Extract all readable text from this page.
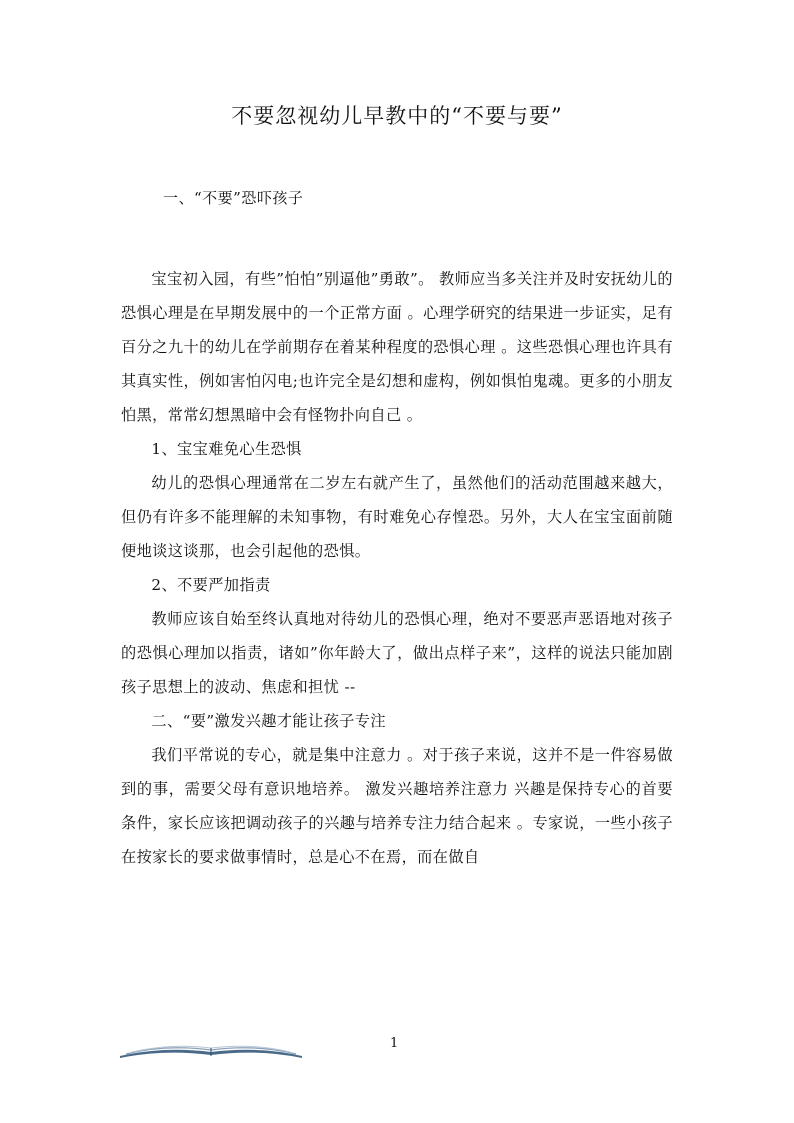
不要忽视幼儿早教中的“不要与要”
一、“不要”恐吓孩子

宝宝初入园，有些”怕怕”别逼他”勇敢”。 教师应当多关注并及时安抚幼儿的恐惧心理是在早期发展中的一个正常方面 。心理学研究的结果进一步证实，足有百分之九十的幼儿在学前期存在着某种程度的恐惧心理 。这些恐惧心理也许具有其真实性，例如害怕闪电;也许完全是幻想和虚构，例如惧怕鬼魂。更多的小朋友怕黑，常常幻想黑暗中会有怪物扑向自己 。

1、宝宝难免心生恐惧

幼儿的恐惧心理通常在二岁左右就产生了，虽然他们的活动范围越来越大，但仍有许多不能理解的未知事物，有时难免心存惶恐。另外，大人在宝宝面前随便地谈这谈那，也会引起他的恐惧。

2、不要严加指责

教师应该自始至终认真地对待幼儿的恐惧心理，绝对不要恶声恶语地对孩子的恐惧心理加以指责，诸如”你年龄大了，做出点样子来”，这样的说法只能加剧孩子思想上的波动、焦虑和担忧 --

二、“要”激发兴趣才能让孩子专注

我们平常说的专心，就是集中注意力 。对于孩子来说，这并不是一件容易做到的事，需要父母有意识地培养。 激发兴趣培养注意力 兴趣是保持专心的首要条件，家长应该把调动孩子的兴趣与培养专注力结合起来 。专家说，一些小孩子在按家长的要求做事情时，总是心不在焉，而在做自

1
